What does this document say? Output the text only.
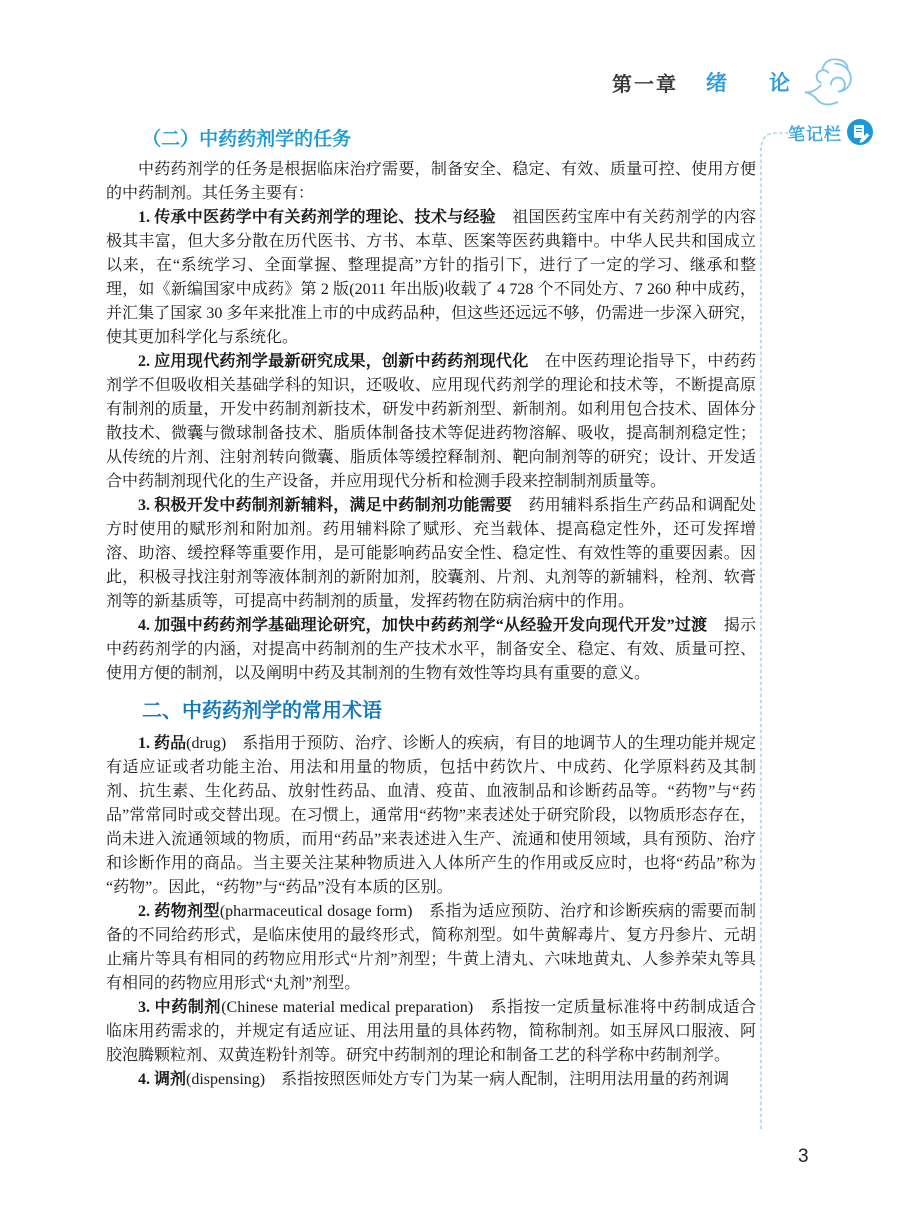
第一章 绪 论
笔记栏
（二）中药药剂学的任务

中药药剂学的任务是根据临床治疗需要，制备安全、稳定、有效、质量可控、使用方便的中药制剂。其任务主要有：

1. 传承中医药学中有关药剂学的理论、技术与经验　祖国医药宝库中有关药剂学的内容极其丰富，但大多分散在历代医书、方书、本草、医案等医药典籍中。中华人民共和国成立以来，在“系统学习、全面掌握、整理提高”方针的指引下，进行了一定的学习、继承和整理，如《新编国家中成药》第 2 版(2011 年出版)收载了 4 728 个不同处方、7 260 种中成药，并汇集了国家 30 多年来批准上市的中成药品种，但这些还远远不够，仍需进一步深入研究，使其更加科学化与系统化。

2. 应用现代药剂学最新研究成果，创新中药药剂现代化　在中医药理论指导下，中药药剂学不但吸收相关基础学科的知识，还吸收、应用现代药剂学的理论和技术等，不断提高原有制剂的质量，开发中药制剂新技术，研发中药新剂型、新制剂。如利用包合技术、固体分散技术、微囊与微球制备技术、脂质体制备技术等促进药物溶解、吸收，提高制剂稳定性；从传统的片剂、注射剂转向微囊、脂质体等缓控释制剂、靶向制剂等的研究；设计、开发适合中药制剂现代化的生产设备，并应用现代分析和检测手段来控制制剂质量等。

3. 积极开发中药制剂新辅料，满足中药制剂功能需要　药用辅料系指生产药品和调配处方时使用的赋形剂和附加剂。药用辅料除了赋形、充当载体、提高稳定性外，还可发挥增溶、助溶、缓控释等重要作用，是可能影响药品安全性、稳定性、有效性等的重要因素。因此，积极寻找注射剂等液体制剂的新附加剂，胶囊剂、片剂、丸剂等的新辅料，栓剂、软膏剂等的新基质等，可提高中药制剂的质量，发挥药物在防病治病中的作用。

4. 加强中药药剂学基础理论研究，加快中药药剂学“从经验开发向现代开发”过渡　揭示中药药剂学的内涵，对提高中药制剂的生产技术水平，制备安全、稳定、有效、质量可控、使用方便的制剂，以及阐明中药及其制剂的生物有效性等均具有重要的意义。

二、中药药剂学的常用术语

1. 药品(drug)　系指用于预防、治疗、诊断人的疾病，有目的地调节人的生理功能并规定有适应证或者功能主治、用法和用量的物质，包括中药饮片、中成药、化学原料药及其制剂、抗生素、生化药品、放射性药品、血清、疫苗、血液制品和诊断药品等。“药物”与“药品”常常同时或交替出现。在习惯上，通常用“药物”来表述处于研究阶段，以物质形态存在，尚未进入流通领域的物质，而用“药品”来表述进入生产、流通和使用领域，具有预防、治疗和诊断作用的商品。当主要关注某种物质进入人体所产生的作用或反应时，也将“药品”称为“药物”。因此，“药物”与“药品”没有本质的区别。

2. 药物剂型(pharmaceutical dosage form)　系指为适应预防、治疗和诊断疾病的需要而制备的不同给药形式，是临床使用的最终形式，简称剂型。如牛黄解毒片、复方丹参片、元胡止痛片等具有相同的药物应用形式“片剂”剂型；牛黄上清丸、六味地黄丸、人参养荣丸等具有相同的药物应用形式“丸剂”剂型。

3. 中药制剂(Chinese material medical preparation)　系指按一定质量标准将中药制成适合临床用药需求的，并规定有适应证、用法用量的具体药物，简称制剂。如玉屏风口服液、阿胶泡腾颗粒剂、双黄连粉针剂等。研究中药制剂的理论和制备工艺的科学称中药制剂学。

4. 调剂(dispensing)　系指按照医师处方专门为某一病人配制，注明用法用量的药剂调

3
